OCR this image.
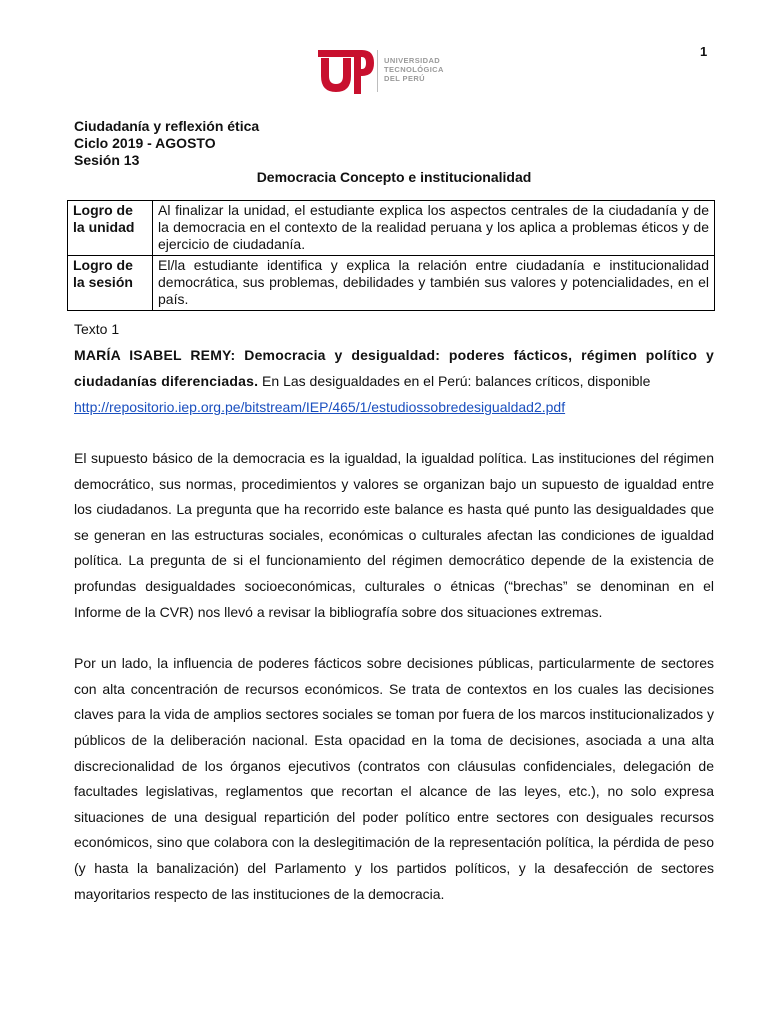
1
UNIVERSIDAD
TECNOLÓGICA
DEL PERÚ
Ciudadanía y reflexión ética
Ciclo 2019 - AGOSTO
Sesión 13
Democracia Concepto e institucionalidad
Logro de
la unidad	Al finalizar la unidad, el estudiante explica los aspectos centrales de la ciudadanía y de la democracia en el contexto de la realidad peruana y los aplica a problemas éticos y de ejercicio de ciudadanía.

Logro de
la sesión	El/la estudiante identifica y explica la relación entre ciudadanía e institucionalidad democrática, sus problemas, debilidades y también sus valores y potencialidades, en el país.
Texto 1
MARÍA ISABEL REMY: Democracia y desigualdad: poderes fácticos, régimen político y ciudadanías diferenciadas. En Las desigualdades en el Perú: balances críticos, disponible
http://repositorio.iep.org.pe/bitstream/IEP/465/1/estudiossobredesigualdad2.pdf

El supuesto básico de la democracia es la igualdad, la igualdad política. Las instituciones del régimen democrático, sus normas, procedimientos y valores se organizan bajo un supuesto de igualdad entre los ciudadanos. La pregunta que ha recorrido este balance es hasta qué punto las desigualdades que se generan en las estructuras sociales, económicas o culturales afectan las condiciones de igualdad política. La pregunta de si el funcionamiento del régimen democrático depende de la existencia de profundas desigualdades socioeconómicas, culturales o étnicas (“brechas” se denominan en el Informe de la CVR) nos llevó a revisar la bibliografía sobre dos situaciones extremas.

Por un lado, la influencia de poderes fácticos sobre decisiones públicas, particularmente de sectores con alta concentración de recursos económicos. Se trata de contextos en los cuales las decisiones claves para la vida de amplios sectores sociales se toman por fuera de los marcos institucionalizados y públicos de la deliberación nacional. Esta opacidad en la toma de decisiones, asociada a una alta discrecionalidad de los órganos ejecutivos (contratos con cláusulas confidenciales, delegación de facultades legislativas, reglamentos que recortan el alcance de las leyes, etc.), no solo expresa situaciones de una desigual repartición del poder político entre sectores con desiguales recursos económicos, sino que colabora con la deslegitimación de la representación política, la pérdida de peso (y hasta la banalización) del Parlamento y los partidos políticos, y la desafección de sectores mayoritarios respecto de las instituciones de la democracia.
